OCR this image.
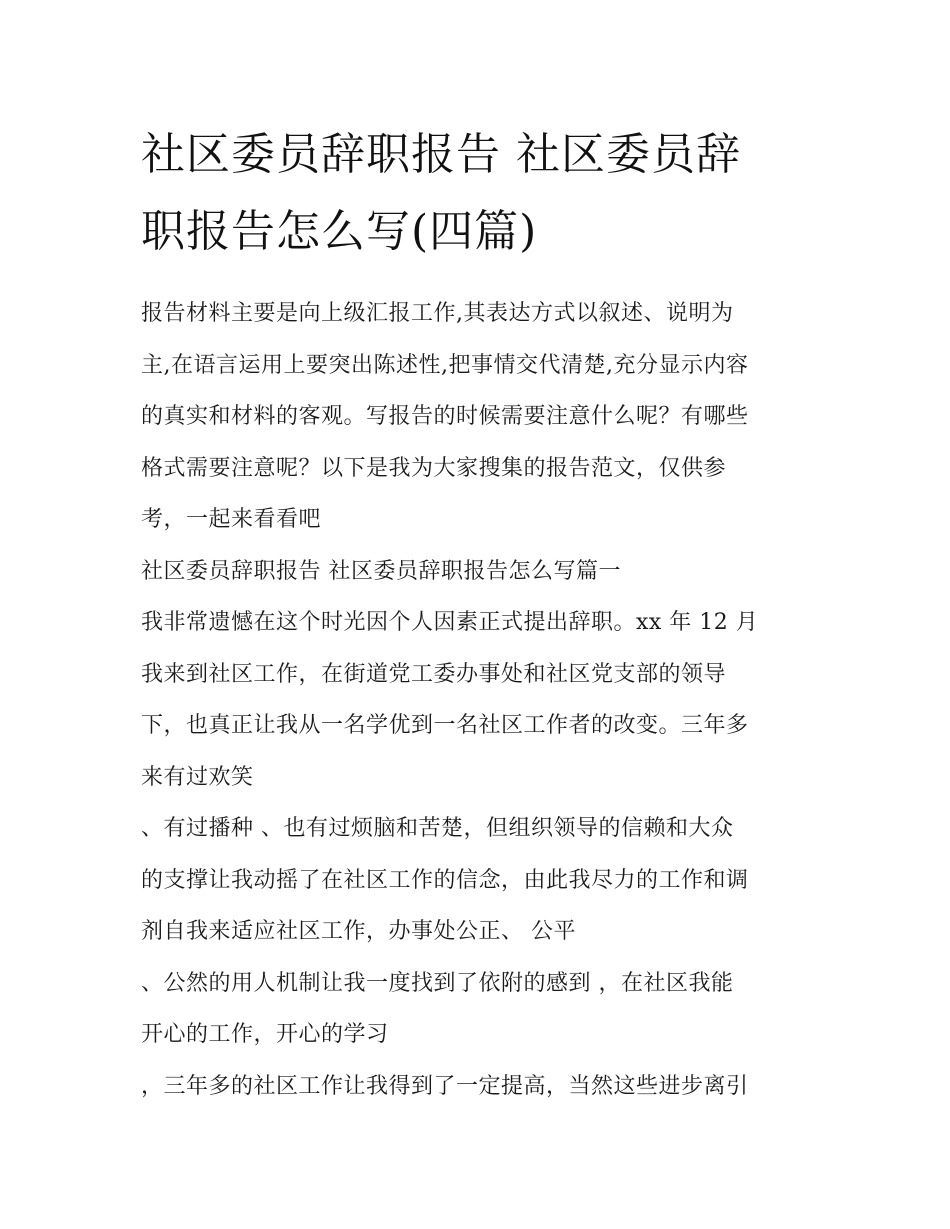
社区委员辞职报告 社区委员辞
职报告怎么写(四篇)

报告材料主要是向上级汇报工作,其表达方式以叙述、说明为
主,在语言运用上要突出陈述性,把事情交代清楚,充分显示内容
的真实和材料的客观。写报告的时候需要注意什么呢？有哪些
格式需要注意呢？以下是我为大家搜集的报告范文，仅供参
考，一起来看看吧

社区委员辞职报告 社区委员辞职报告怎么写篇一

我非常遗憾在这个时光因个人因素正式提出辞职。xx 年 12 月
我来到社区工作，在街道党工委办事处和社区党支部的领导
下，也真正让我从一名学优到一名社区工作者的改变。三年多
来有过欢笑
、有过播种 、也有过烦脑和苦楚，但组织领导的信赖和大众
的支撑让我动摇了在社区工作的信念，由此我尽力的工作和调
剂自我来适应社区工作，办事处公正、 公平
、公然的用人机制让我一度找到了依附的感到 ，在社区我能
开心的工作，开心的学习
，三年多的社区工作让我得到了一定提高，当然这些进步离引
